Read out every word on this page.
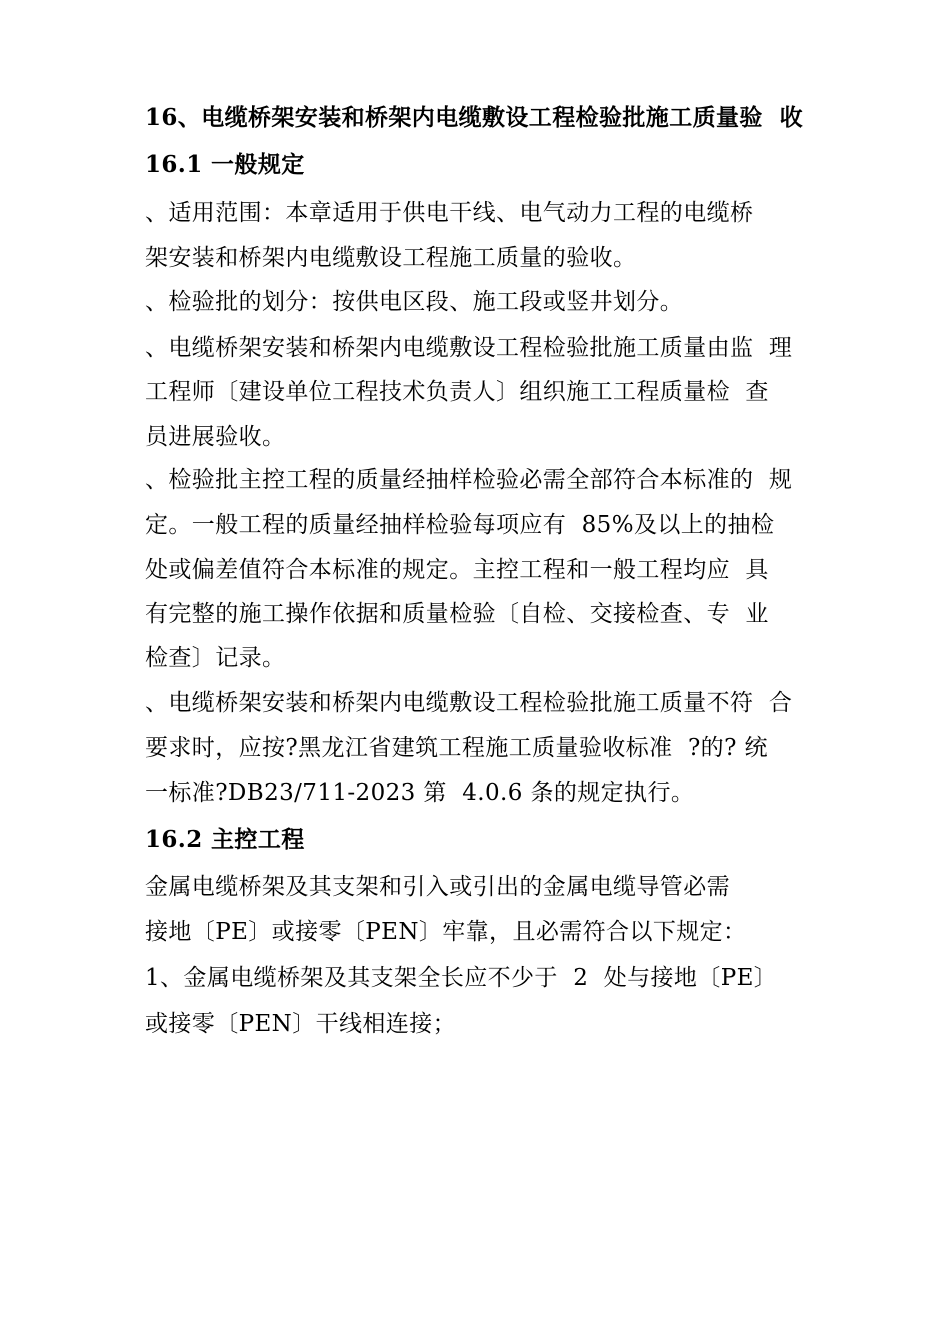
16、电缆桥架安装和桥架内电缆敷设工程检验批施工质量验  收
16.1 一般规定
、适用范围：本章适用于供电干线、电气动力工程的电缆桥
架安装和桥架内电缆敷设工程施工质量的验收。
、检验批的划分：按供电区段、施工段或竖井划分。
、电缆桥架安装和桥架内电缆敷设工程检验批施工质量由监  理
工程师〔建设单位工程技术负责人〕组织施工工程质量检  查
员进展验收。
、检验批主控工程的质量经抽样检验必需全部符合本标准的  规
定。一般工程的质量经抽样检验每项应有  85%及以上的抽检
处或偏差值符合本标准的规定。主控工程和一般工程均应  具
有完整的施工操作依据和质量检验〔自检、交接检查、专  业
检查〕记录。
、电缆桥架安装和桥架内电缆敷设工程检验批施工质量不符  合
要求时，应按?黑龙江省建筑工程施工质量验收标准  ?的? 统
一标准?DB23/711-2023 第  4.0.6 条的规定执行。
16.2 主控工程
金属电缆桥架及其支架和引入或引出的金属电缆导管必需
接地〔PE〕或接零〔PEN〕牢靠，且必需符合以下规定：
1、金属电缆桥架及其支架全长应不少于  2  处与接地〔PE〕
或接零〔PEN〕干线相连接；
